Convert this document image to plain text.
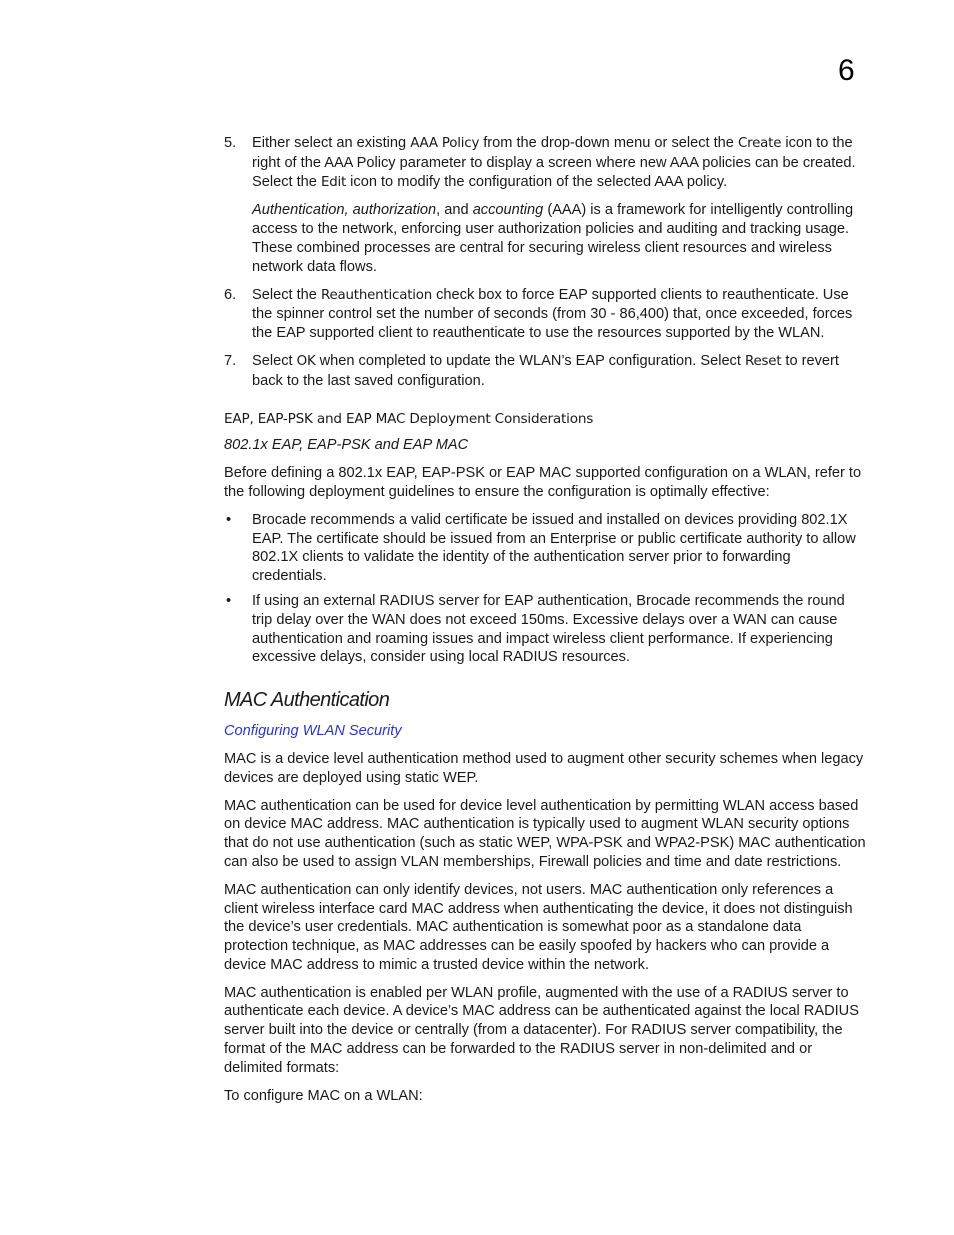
6
5. Either select an existing AAA Policy from the drop-down menu or select the Create icon to the right of the AAA Policy parameter to display a screen where new AAA policies can be created. Select the Edit icon to modify the configuration of the selected AAA policy.

Authentication, authorization, and accounting (AAA) is a framework for intelligently controlling access to the network, enforcing user authorization policies and auditing and tracking usage. These combined processes are central for securing wireless client resources and wireless network data flows.

6. Select the Reauthentication check box to force EAP supported clients to reauthenticate. Use the spinner control set the number of seconds (from 30 - 86,400) that, once exceeded, forces the EAP supported client to reauthenticate to use the resources supported by the WLAN.

7. Select OK when completed to update the WLAN’s EAP configuration. Select Reset to revert back to the last saved configuration.

EAP, EAP-PSK and EAP MAC Deployment Considerations

802.1x EAP, EAP-PSK and EAP MAC

Before defining a 802.1x EAP, EAP-PSK or EAP MAC supported configuration on a WLAN, refer to the following deployment guidelines to ensure the configuration is optimally effective:

• Brocade recommends a valid certificate be issued and installed on devices providing 802.1X EAP. The certificate should be issued from an Enterprise or public certificate authority to allow 802.1X clients to validate the identity of the authentication server prior to forwarding credentials.
• If using an external RADIUS server for EAP authentication, Brocade recommends the round trip delay over the WAN does not exceed 150ms. Excessive delays over a WAN can cause authentication and roaming issues and impact wireless client performance. If experiencing excessive delays, consider using local RADIUS resources.
MAC Authentication
Configuring WLAN Security

MAC is a device level authentication method used to augment other security schemes when legacy devices are deployed using static WEP.

MAC authentication can be used for device level authentication by permitting WLAN access based on device MAC address. MAC authentication is typically used to augment WLAN security options that do not use authentication (such as static WEP, WPA-PSK and WPA2-PSK) MAC authentication can also be used to assign VLAN memberships, Firewall policies and time and date restrictions.

MAC authentication can only identify devices, not users. MAC authentication only references a client wireless interface card MAC address when authenticating the device, it does not distinguish the device’s user credentials. MAC authentication is somewhat poor as a standalone data protection technique, as MAC addresses can be easily spoofed by hackers who can provide a device MAC address to mimic a trusted device within the network.

MAC authentication is enabled per WLAN profile, augmented with the use of a RADIUS server to authenticate each device. A device’s MAC address can be authenticated against the local RADIUS server built into the device or centrally (from a datacenter). For RADIUS server compatibility, the format of the MAC address can be forwarded to the RADIUS server in non-delimited and or delimited formats:

To configure MAC on a WLAN:
